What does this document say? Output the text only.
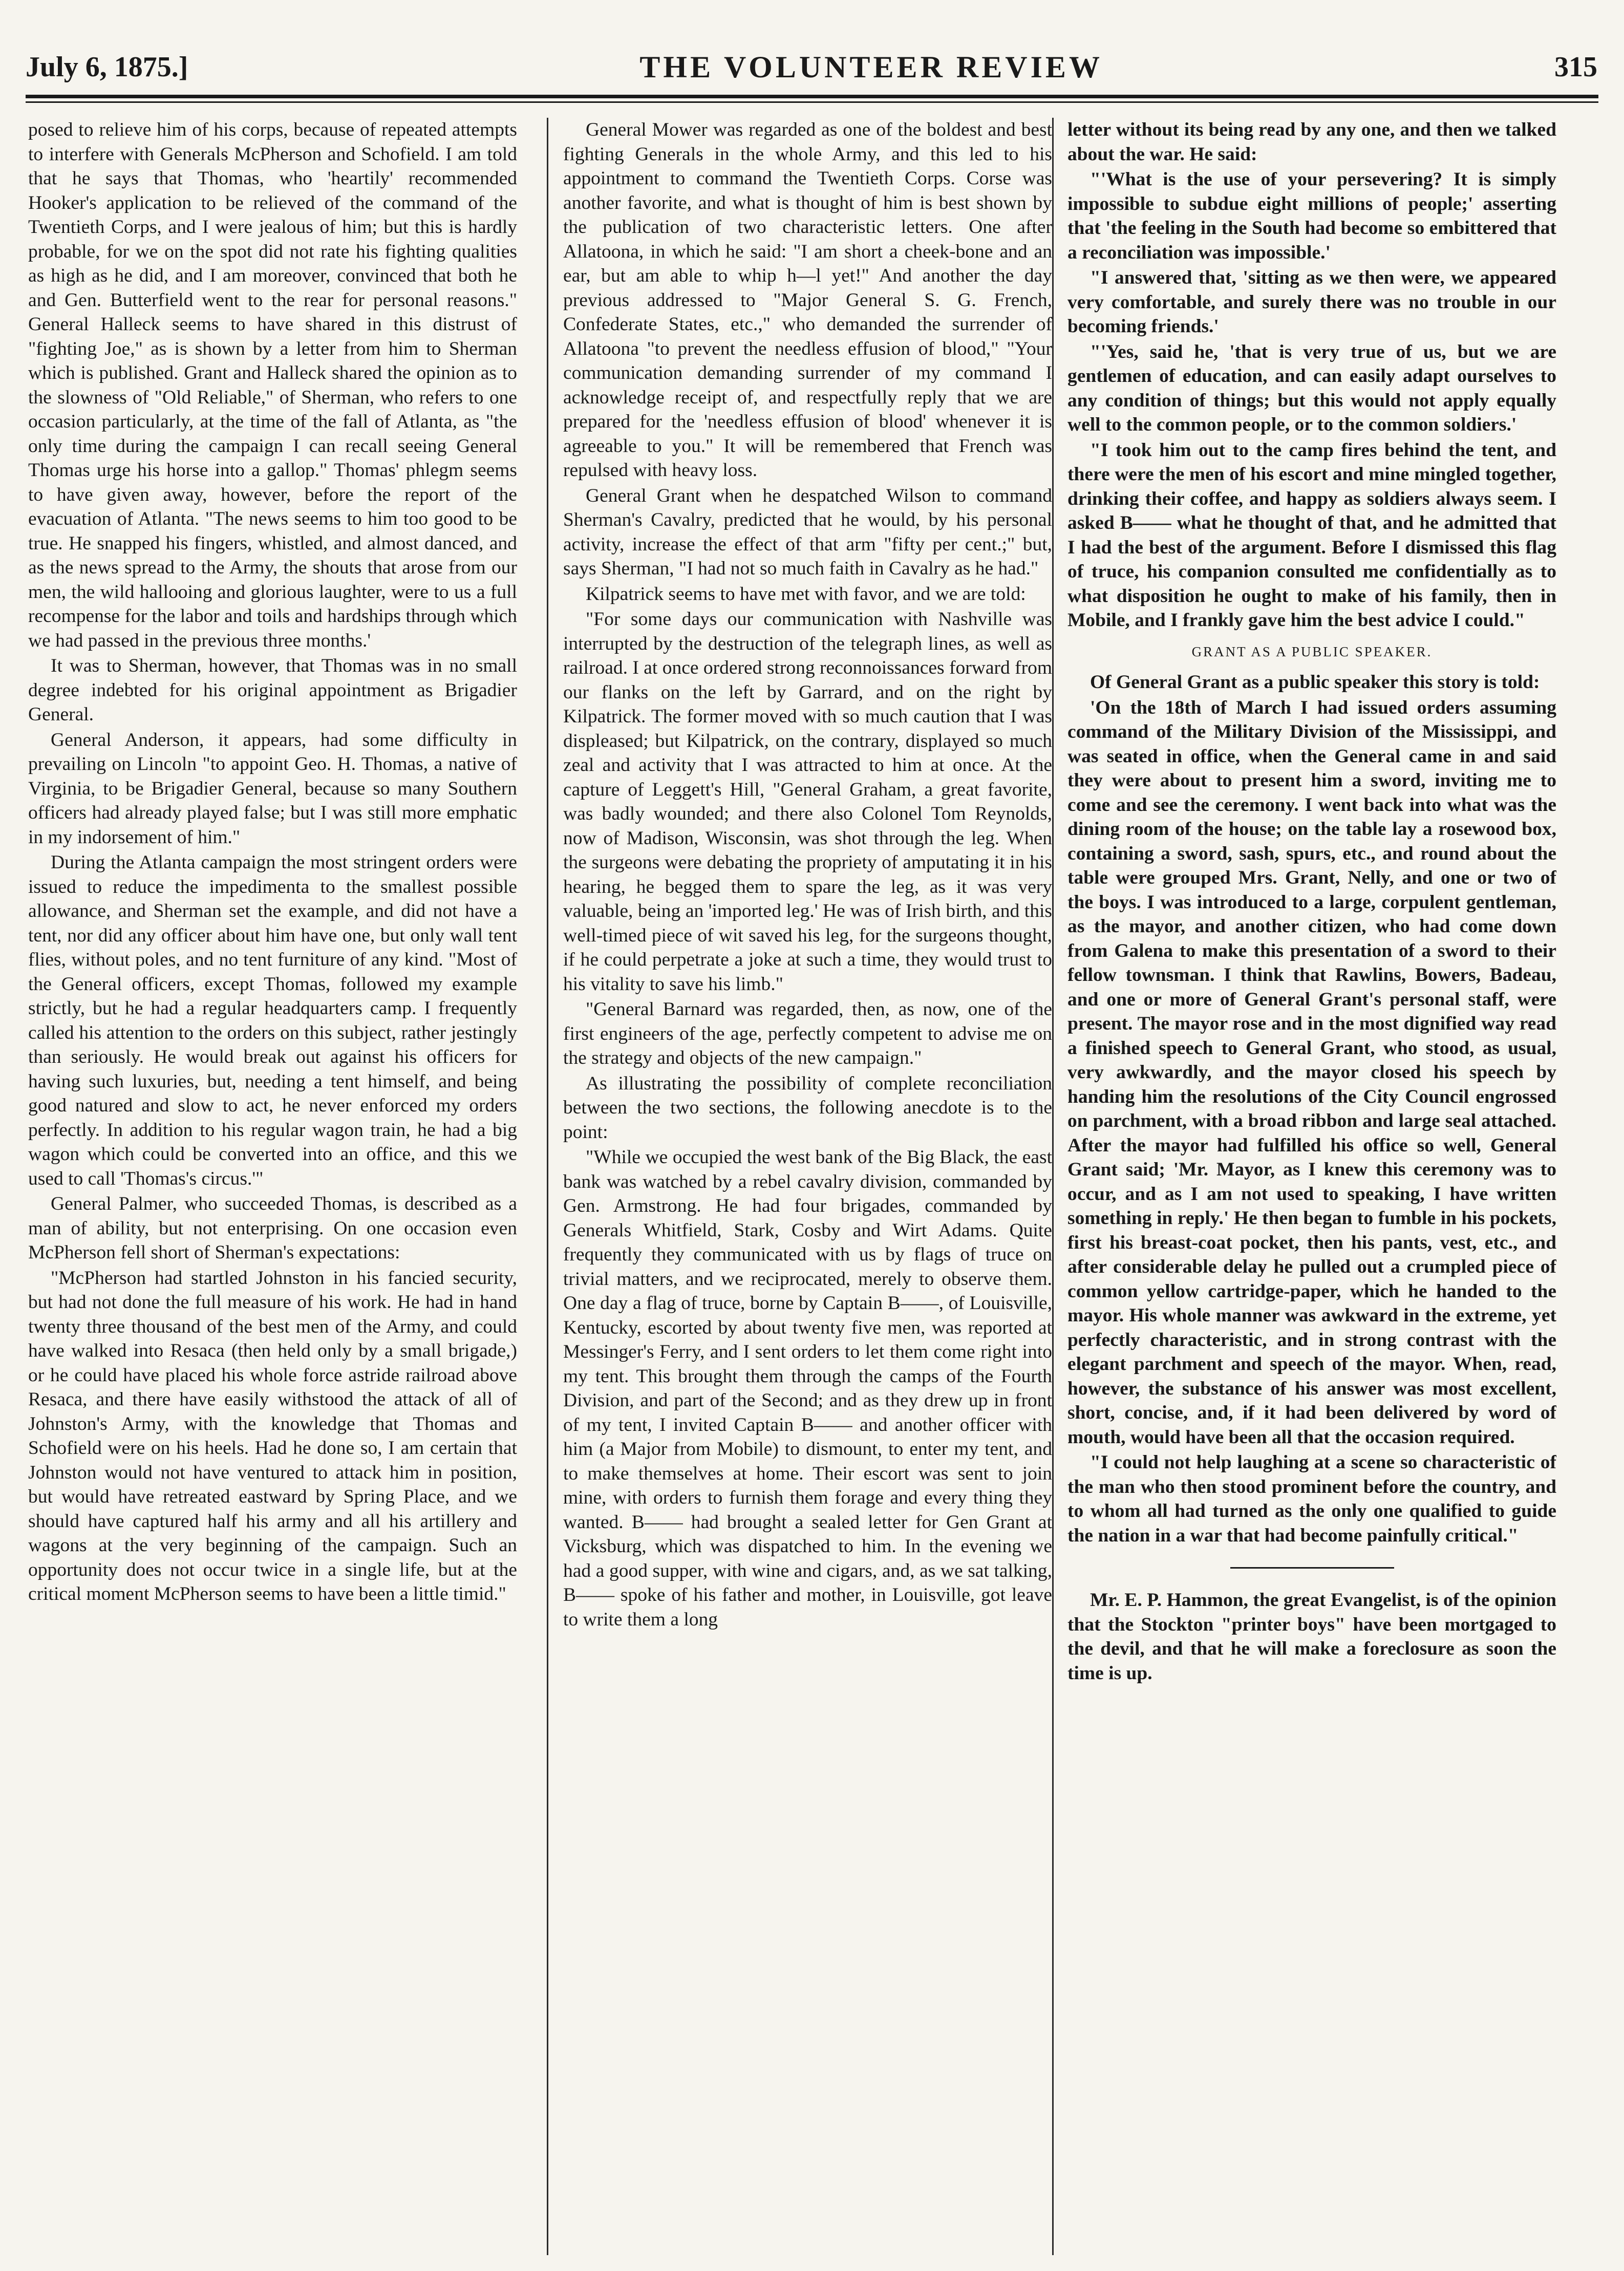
July 6, 1875.]	THE VOLUNTEER REVIEW	315

posed to relieve him of his corps, because of repeated attempts to interfere with Generals McPherson and Schofield. I am told that he says that Thomas, who 'heartily' recommended Hooker's application to be relieved of the command of the Twentieth Corps, and I were jealous of him; but this is hardly probable, for we on the spot did not rate his fighting qualities as high as he did, and I am moreover, convinced that both he and Gen. Butterfield went to the rear for personal reasons." General Halleck seems to have shared in this distrust of "fighting Joe," as is shown by a letter from him to Sherman which is published. Grant and Halleck shared the opinion as to the slowness of "Old Reliable," of Sherman, who refers to one occasion particularly, at the time of the fall of Atlanta, as "the only time during the campaign I can recall seeing General Thomas urge his horse into a gallop." Thomas' phlegm seems to have given away, however, before the report of the evacuation of Atlanta. "The news seems to him too good to be true. He snapped his fingers, whistled, and almost danced, and as the news spread to the Army, the shouts that arose from our men, the wild hallooing and glorious laughter, were to us a full recompense for the labor and toils and hardships through which we had passed in the previous three months.'

It was to Sherman, however, that Thomas was in no small degree indebted for his original appointment as Brigadier General.

General Anderson, it appears, had some difficulty in prevailing on Lincoln "to appoint Geo. H. Thomas, a native of Virginia, to be Brigadier General, because so many Southern officers had already played false; but I was still more emphatic in my indorsement of him."

During the Atlanta campaign the most stringent orders were issued to reduce the impedimenta to the smallest possible allowance, and Sherman set the example, and did not have a tent, nor did any officer about him have one, but only wall tent flies, without poles, and no tent furniture of any kind. "Most of the General officers, except Thomas, followed my example strictly, but he had a regular headquarters camp. I frequently called his attention to the orders on this subject, rather jestingly than seriously. He would break out against his officers for having such luxuries, but, needing a tent himself, and being good natured and slow to act, he never enforced my orders perfectly. In addition to his regular wagon train, he had a big wagon which could be converted into an office, and this we used to call 'Thomas's circus.'"

General Palmer, who succeeded Thomas, is described as a man of ability, but not enterprising. On one occasion even McPherson fell short of Sherman's expectations:

"McPherson had startled Johnston in his fancied security, but had not done the full measure of his work. He had in hand twenty three thousand of the best men of the Army, and could have walked into Resaca (then held only by a small brigade,) or he could have placed his whole force astride railroad above Resaca, and there have easily withstood the attack of all of Johnston's Army, with the knowledge that Thomas and Schofield were on his heels. Had he done so, I am certain that Johnston would not have ventured to attack him in position, but would have retreated eastward by Spring Place, and we should have captured half his army and all his artillery and wagons at the very beginning of the campaign. Such an opportunity does not occur twice in a single life, but at the critical moment McPherson seems to have been a little timid."

General Mower was regarded as one of the boldest and best fighting Generals in the whole Army, and this led to his appointment to command the Twentieth Corps. Corse was another favorite, and what is thought of him is best shown by the publication of two characteristic letters. One after Allatoona, in which he said: "I am short a cheek-bone and an ear, but am able to whip h—l yet!" And another the day previous addressed to "Major General S. G. French, Confederate States, etc.," who demanded the surrender of Allatoona "to prevent the needless effusion of blood," "Your communication demanding surrender of my command I acknowledge receipt of, and respectfully reply that we are prepared for the 'needless effusion of blood' whenever it is agreeable to you." It will be remembered that French was repulsed with heavy loss.

General Grant when he despatched Wilson to command Sherman's Cavalry, predicted that he would, by his personal activity, increase the effect of that arm "fifty per cent.;" but, says Sherman, "I had not so much faith in Cavalry as he had."

Kilpatrick seems to have met with favor, and we are told:

"For some days our communication with Nashville was interrupted by the destruction of the telegraph lines, as well as railroad. I at once ordered strong reconnoissances forward from our flanks on the left by Garrard, and on the right by Kilpatrick. The former moved with so much caution that I was displeased; but Kilpatrick, on the contrary, displayed so much zeal and activity that I was attracted to him at once. At the capture of Leggett's Hill, "General Graham, a great favorite, was badly wounded; and there also Colonel Tom Reynolds, now of Madison, Wisconsin, was shot through the leg. When the surgeons were debating the propriety of amputating it in his hearing, he begged them to spare the leg, as it was very valuable, being an 'imported leg.' He was of Irish birth, and this well-timed piece of wit saved his leg, for the surgeons thought, if he could perpetrate a joke at such a time, they would trust to his vitality to save his limb."

"General Barnard was regarded, then, as now, one of the first engineers of the age, perfectly competent to advise me on the strategy and objects of the new campaign."

As illustrating the possibility of complete reconciliation between the two sections, the following anecdote is to the point:

"While we occupied the west bank of the Big Black, the east bank was watched by a rebel cavalry division, commanded by Gen. Armstrong. He had four brigades, commanded by Generals Whitfield, Stark, Cosby and Wirt Adams. Quite frequently they communicated with us by flags of truce on trivial matters, and we reciprocated, merely to observe them. One day a flag of truce, borne by Captain B——, of Louisville, Kentucky, escorted by about twenty five men, was reported at Messinger's Ferry, and I sent orders to let them come right into my tent. This brought them through the camps of the Fourth Division, and part of the Second; and as they drew up in front of my tent, I invited Captain B—— and another officer with him (a Major from Mobile) to dismount, to enter my tent, and to make themselves at home. Their escort was sent to join mine, with orders to furnish them forage and every thing they wanted. B—— had brought a sealed letter for Gen Grant at Vicksburg, which was dispatched to him. In the evening we had a good supper, with wine and cigars, and, as we sat talking, B—— spoke of his father and mother, in Louisville, got leave to write them a long

letter without its being read by any one, and then we talked about the war. He said:

"'What is the use of your persevering? It is simply impossible to subdue eight millions of people;' asserting that 'the feeling in the South had become so embittered that a reconciliation was impossible.'

"I answered that, 'sitting as we then were, we appeared very comfortable, and surely there was no trouble in our becoming friends.'

"'Yes, said he, 'that is very true of us, but we are gentlemen of education, and can easily adapt ourselves to any condition of things; but this would not apply equally well to the common people, or to the common soldiers.'

"I took him out to the camp fires behind the tent, and there were the men of his escort and mine mingled together, drinking their coffee, and happy as soldiers always seem. I asked B—— what he thought of that, and he admitted that I had the best of the argument. Before I dismissed this flag of truce, his companion consulted me confidentially as to what disposition he ought to make of his family, then in Mobile, and I frankly gave him the best advice I could."

GRANT AS A PUBLIC SPEAKER.

Of General Grant as a public speaker this story is told:

'On the 18th of March I had issued orders assuming command of the Military Division of the Mississippi, and was seated in office, when the General came in and said they were about to present him a sword, inviting me to come and see the ceremony. I went back into what was the dining room of the house; on the table lay a rosewood box, containing a sword, sash, spurs, etc., and round about the table were grouped Mrs. Grant, Nelly, and one or two of the boys. I was introduced to a large, corpulent gentleman, as the mayor, and another citizen, who had come down from Galena to make this presentation of a sword to their fellow townsman. I think that Rawlins, Bowers, Badeau, and one or more of General Grant's personal staff, were present. The mayor rose and in the most dignified way read a finished speech to General Grant, who stood, as usual, very awkwardly, and the mayor closed his speech by handing him the resolutions of the City Council engrossed on parchment, with a broad ribbon and large seal attached. After the mayor had fulfilled his office so well, General Grant said; 'Mr. Mayor, as I knew this ceremony was to occur, and as I am not used to speaking, I have written something in reply.' He then began to fumble in his pockets, first his breast-coat pocket, then his pants, vest, etc., and after considerable delay he pulled out a crumpled piece of common yellow cartridge-paper, which he handed to the mayor. His whole manner was awkward in the extreme, yet perfectly characteristic, and in strong contrast with the elegant parchment and speech of the mayor. When, read, however, the substance of his answer was most excellent, short, concise, and, if it had been delivered by word of mouth, would have been all that the occasion required.

"I could not help laughing at a scene so characteristic of the man who then stood prominent before the country, and to whom all had turned as the only one qualified to guide the nation in a war that had become painfully critical."

Mr. E. P. Hammon, the great Evangelist, is of the opinion that the Stockton "printer boys" have been mortgaged to the devil, and that he will make a foreclosure as soon the time is up.
